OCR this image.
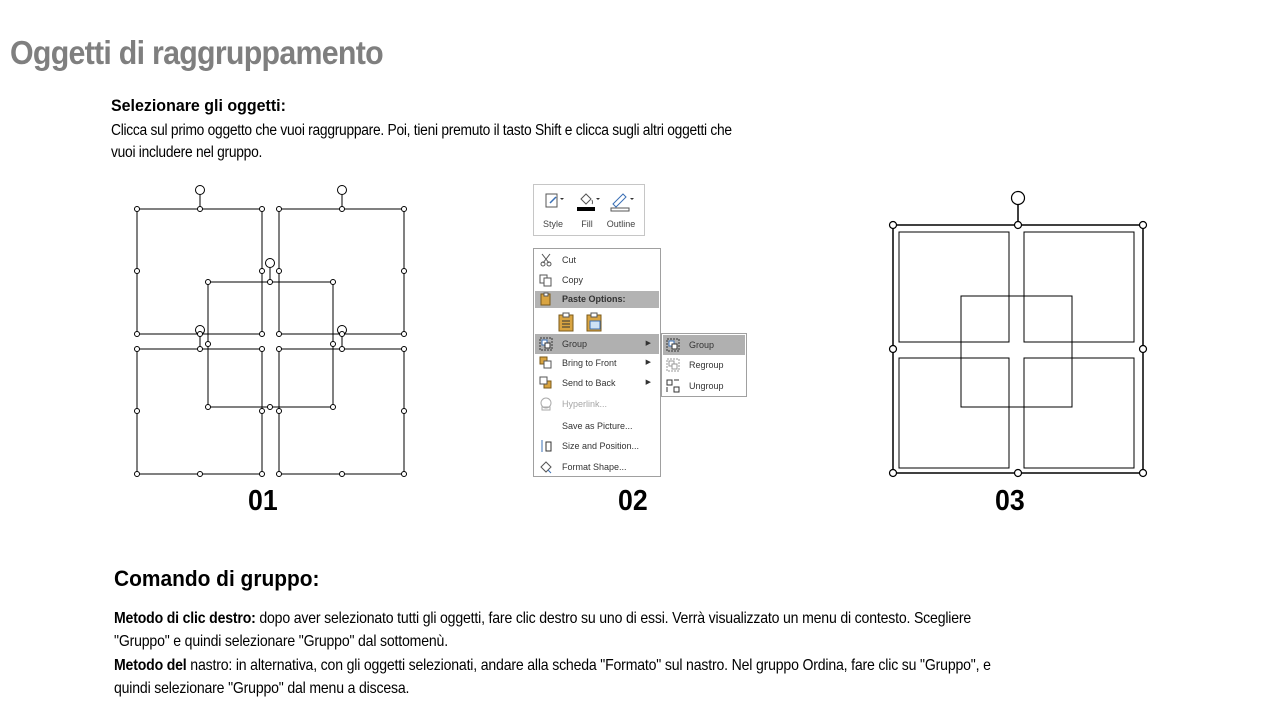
Oggetti di raggruppamento
Selezionare gli oggetti:
Clicca sul primo oggetto che vuoi raggruppare. Poi, tieni premuto il tasto Shift e clicca sugli altri oggetti che vuoi includere nel gruppo.
Style	Fill	Outline
Cut
Copy
Paste Options:
Group	▶
Bring to Front	▶
Send to Back	▶
Hyperlink...
Save as Picture...
Size and Position...
Format Shape...
Group
Regroup
Ungroup
01	02	03
Comando di gruppo:
Metodo di clic destro: dopo aver selezionato tutti gli oggetti, fare clic destro su uno di essi. Verrà visualizzato un menu di contesto. Scegliere "Gruppo" e quindi selezionare "Gruppo" dal sottomenù.
Metodo del nastro: in alternativa, con gli oggetti selezionati, andare alla scheda "Formato" sul nastro. Nel gruppo Ordina, fare clic su "Gruppo", e quindi selezionare "Gruppo" dal menu a discesa.
